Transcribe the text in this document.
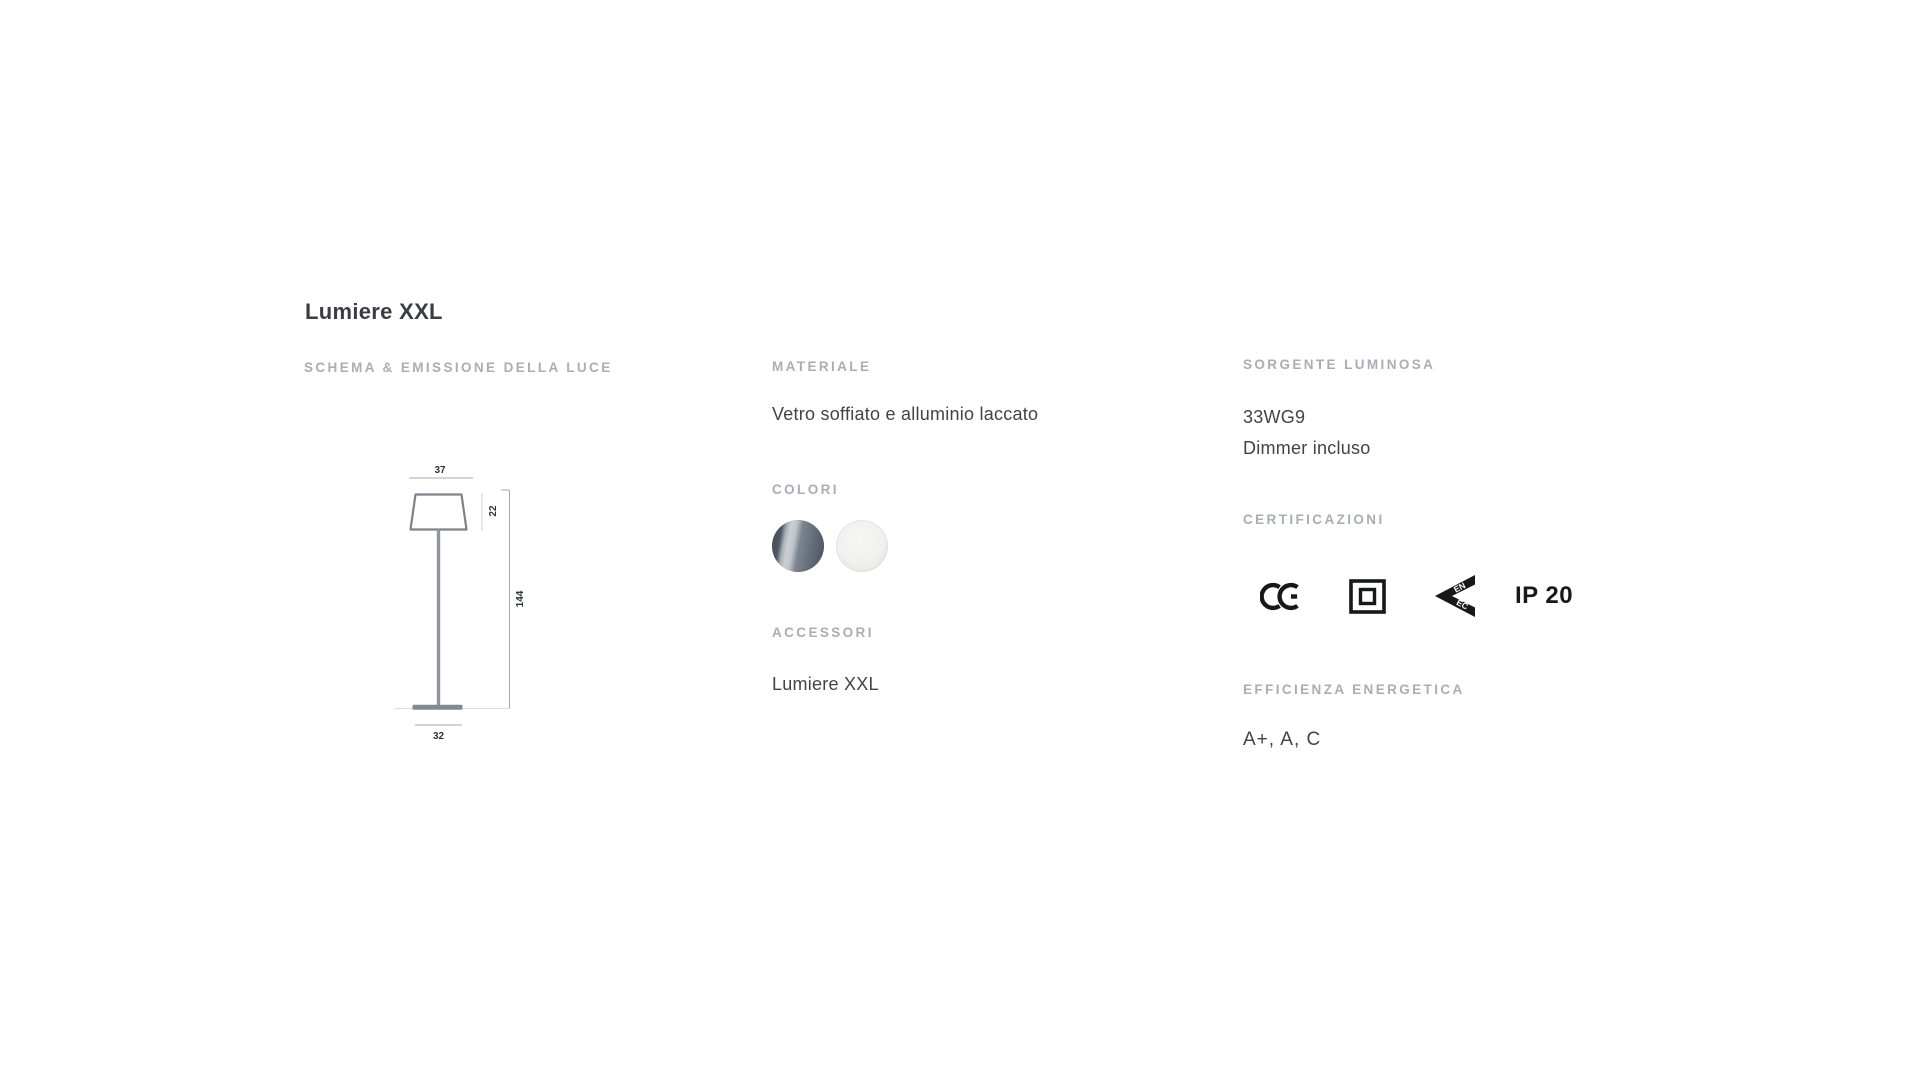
Lumiere XXL
SCHEMA & EMISSIONE DELLA LUCE
37
22
144
32
MATERIALE
Vetro soffiato e alluminio laccato
COLORI
ACCESSORI
Lumiere XXL
SORGENTE LUMINOSA
33WG9
Dimmer incluso
CERTIFICAZIONI
EN
EC IP 20
EFFICIENZA ENERGETICA
A+, A, C
